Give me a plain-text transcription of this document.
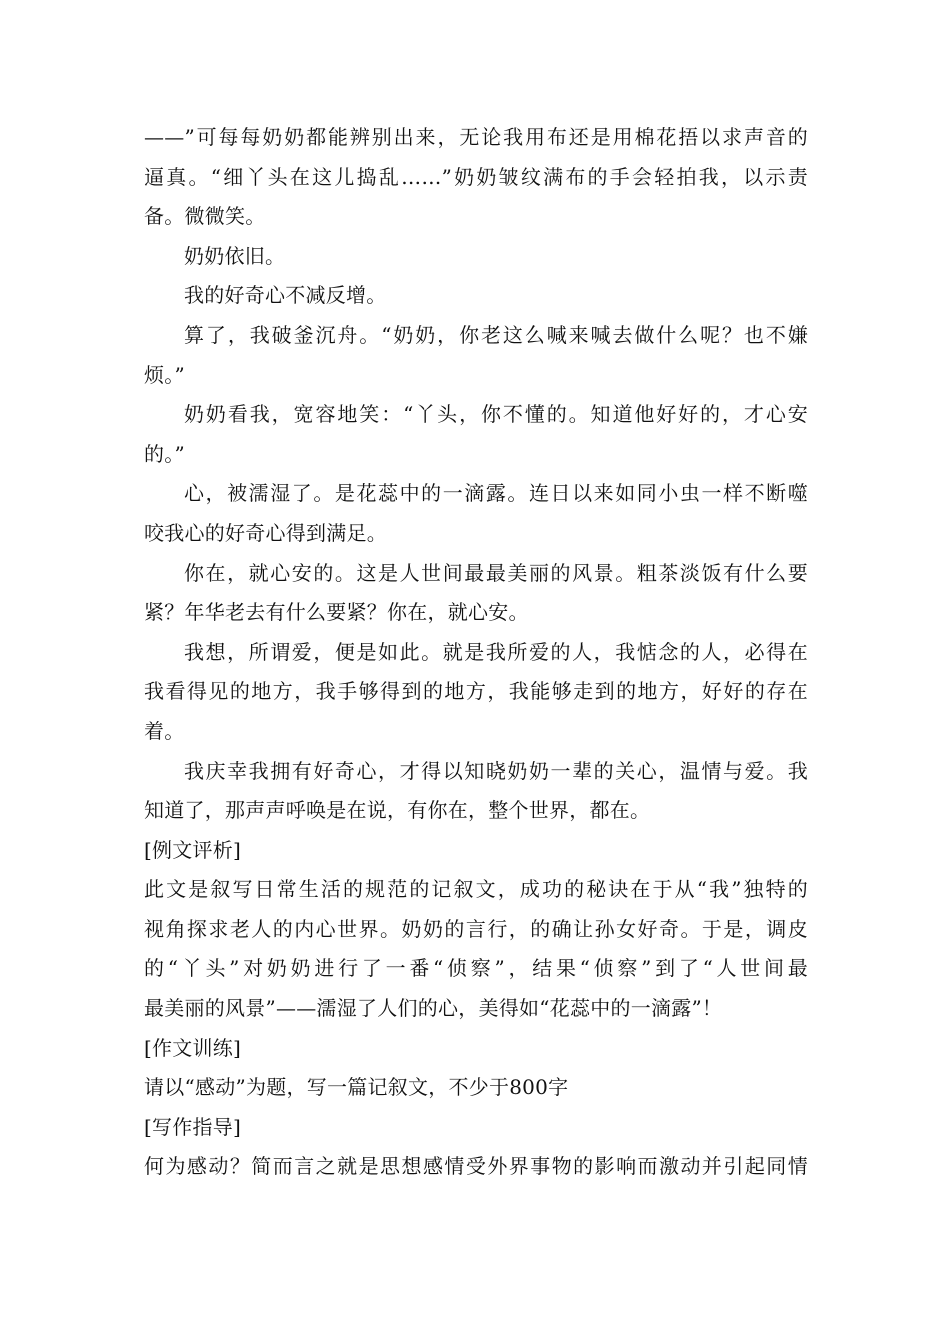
——”可每每奶奶都能辨别出来，无论我用布还是用棉花捂以求声音的
逼真。“细丫头在这儿捣乱……”奶奶皱纹满布的手会轻拍我，以示责
备。微微笑。
奶奶依旧。
我的好奇心不减反增。
算了，我破釜沉舟。“奶奶，你老这么喊来喊去做什么呢？也不嫌
烦。”
奶奶看我，宽容地笑：“丫头，你不懂的。知道他好好的，才心安
的。”
心，被濡湿了。是花蕊中的一滴露。连日以来如同小虫一样不断噬
咬我心的好奇心得到满足。
你在，就心安的。这是人世间最最美丽的风景。粗茶淡饭有什么要
紧？年华老去有什么要紧？你在，就心安。
我想，所谓爱，便是如此。就是我所爱的人，我惦念的人，必得在
我看得见的地方，我手够得到的地方，我能够走到的地方，好好的存在
着。
我庆幸我拥有好奇心，才得以知晓奶奶一辈的关心，温情与爱。我
知道了，那声声呼唤是在说，有你在，整个世界，都在。
[例文评析]
此文是叙写日常生活的规范的记叙文，成功的秘诀在于从“我”独特的
视角探求老人的内心世界。奶奶的言行，的确让孙女好奇。于是，调皮
的“丫头”对奶奶进行了一番“侦察”，结果“侦察”到了“人世间最
最美丽的风景”——濡湿了人们的心，美得如“花蕊中的一滴露”！
[作文训练]
请以“感动”为题，写一篇记叙文，不少于800字
[写作指导]
何为感动？简而言之就是思想感情受外界事物的影响而激动并引起同情
